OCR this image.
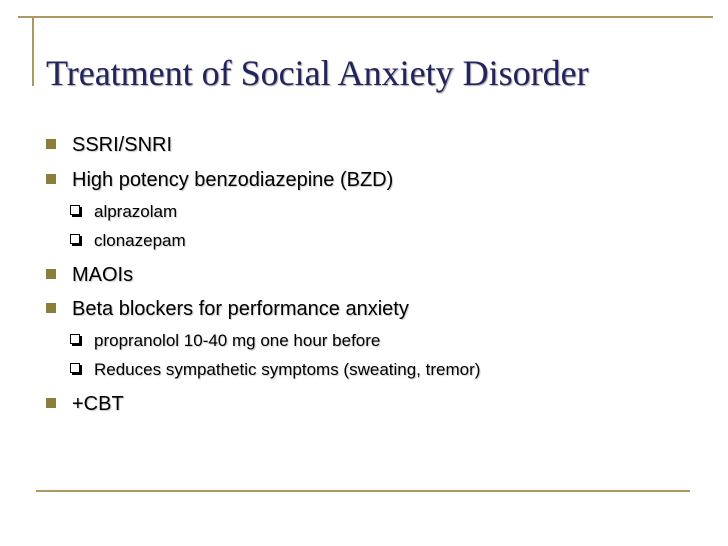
Treatment of Social Anxiety Disorder
SSRI/SNRI
High potency benzodiazepine (BZD)
alprazolam
clonazepam
MAOIs
Beta blockers for performance anxiety
propranolol 10-40 mg one hour before
Reduces sympathetic symptoms (sweating, tremor)
+CBT
